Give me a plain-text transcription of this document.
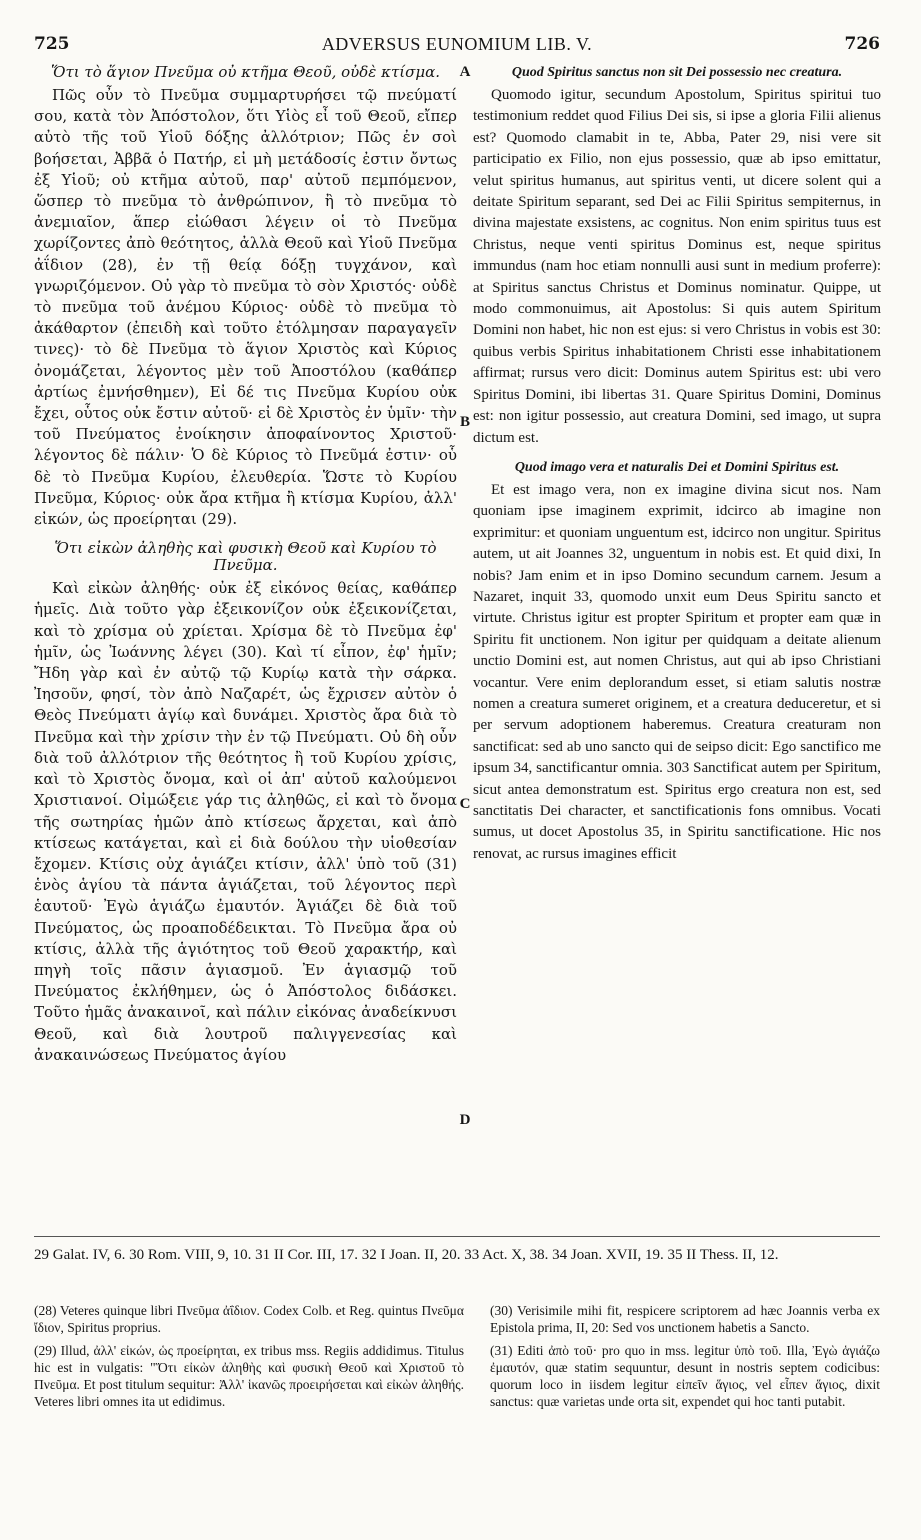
725	ADVERSUS EUNOMIUM LIB. V.	726
Ὅτι τὸ ἅγιον Πνεῦμα οὐ κτῆμα Θεοῦ, οὐδὲ κτίσμα.

Πῶς οὖν τὸ Πνεῦμα συμμαρτυρήσει τῷ πνεύματί σου, κατὰ τὸν Ἀπόστολον, ὅτι Υἱὸς εἶ τοῦ Θεοῦ, εἴπερ αὐτὸ τῆς τοῦ Υἱοῦ δόξης ἀλλότριον; Πῶς ἐν σοὶ βοήσεται, Ἀββᾶ ὁ Πατήρ, εἰ μὴ μετάδοσίς ἐστιν ὄντως ἐξ Υἱοῦ; οὐ κτῆμα αὐτοῦ, παρ' αὐτοῦ πεμπόμενον, ὥσπερ τὸ πνεῦμα τὸ ἀνθρώπινον, ἢ τὸ πνεῦμα τὸ ἀνεμιαῖον, ἅπερ εἰώθασι λέγειν οἱ τὸ Πνεῦμα χωρίζοντες ἀπὸ θεότητος, ἀλλὰ Θεοῦ καὶ Υἱοῦ Πνεῦμα ἀΐδιον (28), ἐν τῇ θείᾳ δόξῃ τυγχάνον, καὶ γνωριζόμενον. Οὐ γὰρ τὸ πνεῦμα τὸ σὸν Χριστός· οὐδὲ τὸ πνεῦμα τοῦ ἀνέμου Κύριος· οὐδὲ τὸ πνεῦμα τὸ ἀκάθαρτον (ἐπειδὴ καὶ τοῦτο ἐτόλμησαν παραγαγεῖν τινες)· τὸ δὲ Πνεῦμα τὸ ἅγιον Χριστὸς καὶ Κύριος ὀνομάζεται, λέγοντος μὲν τοῦ Ἀποστόλου (καθάπερ ἀρτίως ἐμνήσθημεν), Εἰ δέ τις Πνεῦμα Κυρίου οὐκ ἔχει, οὗτος οὐκ ἔστιν αὐτοῦ· εἰ δὲ Χριστὸς ἐν ὑμῖν· τὴν τοῦ Πνεύματος ἐνοίκησιν ἀποφαίνοντος Χριστοῦ· λέγοντος δὲ πάλιν· Ὁ δὲ Κύριος τὸ Πνεῦμά ἐστιν· οὗ δὲ τὸ Πνεῦμα Κυρίου, ἐλευθερία. Ὥστε τὸ Κυρίου Πνεῦμα, Κύριος· οὐκ ἄρα κτῆμα ἢ κτίσμα Κυρίου, ἀλλ' εἰκών, ὡς προείρηται (29).

Ὅτι εἰκὼν ἀληθὴς καὶ φυσικὴ Θεοῦ καὶ Κυρίου τὸ Πνεῦμα.

Καὶ εἰκὼν ἀληθής· οὐκ ἐξ εἰκόνος θείας, καθάπερ ἡμεῖς. Διὰ τοῦτο γὰρ ἐξεικονίζον οὐκ ἐξεικονίζεται, καὶ τὸ χρίσμα οὐ χρίεται. Χρίσμα δὲ τὸ Πνεῦμα ἐφ' ἡμῖν, ὡς Ἰωάννης λέγει (30). Καὶ τί εἶπον, ἐφ' ἡμῖν; Ἤδη γὰρ καὶ ἐν αὐτῷ τῷ Κυρίῳ κατὰ τὴν σάρκα. Ἰησοῦν, φησί, τὸν ἀπὸ Ναζαρέτ, ὡς ἔχρισεν αὐτὸν ὁ Θεὸς Πνεύματι ἁγίῳ καὶ δυνάμει. Χριστὸς ἄρα διὰ τὸ Πνεῦμα καὶ τὴν χρίσιν τὴν ἐν τῷ Πνεύματι. Οὐ δὴ οὖν διὰ τοῦ ἀλλότριον τῆς θεότητος ἢ τοῦ Κυρίου χρίσις, καὶ τὸ Χριστὸς ὄνομα, καὶ οἱ ἀπ' αὐτοῦ καλούμενοι Χριστιανοί. Οἰμώξειε γάρ τις ἀληθῶς, εἰ καὶ τὸ ὄνομα τῆς σωτηρίας ἡμῶν ἀπὸ κτίσεως ἄρχεται, καὶ ἀπὸ κτίσεως κατάγεται, καὶ εἰ διὰ δούλου τὴν υἱοθεσίαν ἔχομεν. Κτίσις οὐχ ἁγιάζει κτίσιν, ἀλλ' ὑπὸ τοῦ (31) ἑνὸς ἁγίου τὰ πάντα ἁγιάζεται, τοῦ λέγοντος περὶ ἑαυτοῦ· Ἐγὼ ἁγιάζω ἐμαυτόν. Ἁγιάζει δὲ διὰ τοῦ Πνεύματος, ὡς προαποδέδεικται. Τὸ Πνεῦμα ἄρα οὐ κτίσις, ἀλλὰ τῆς ἁγιότητος τοῦ Θεοῦ χαρακτήρ, καὶ πηγὴ τοῖς πᾶσιν ἁγιασμοῦ. Ἐν ἁγιασμῷ τοῦ Πνεύματος ἐκλήθημεν, ὡς ὁ Ἀπόστολος διδάσκει. Τοῦτο ἡμᾶς ἀνακαινοῖ, καὶ πάλιν εἰκόνας ἀναδείκνυσι Θεοῦ, καὶ διὰ λουτροῦ παλιγγενεσίας καὶ ἀνακαινώσεως Πνεύματος ἁγίου

A
B
C
D
Quod Spiritus sanctus non sit Dei possessio nec creatura.

Quomodo igitur, secundum Apostolum, Spiritus spiritui tuo testimonium reddet quod Filius Dei sis, si ipse a gloria Filii alienus est? Quomodo clamabit in te, Abba, Pater 29, nisi vere sit participatio ex Filio, non ejus possessio, quæ ab ipso emittatur, velut spiritus humanus, aut spiritus venti, ut dicere solent qui a deitate Spiritum separant, sed Dei ac Filii Spiritus sempiternus, in divina majestate exsistens, ac cognitus. Non enim spiritus tuus est Christus, neque venti spiritus Dominus est, neque spiritus immundus (nam hoc etiam nonnulli ausi sunt in medium proferre): at Spiritus sanctus Christus et Dominus nominatur. Quippe, ut modo commonuimus, ait Apostolus: Si quis autem Spiritum Domini non habet, hic non est ejus: si vero Christus in vobis est 30: quibus verbis Spiritus inhabitationem Christi esse inhabitationem affirmat; rursus vero dicit: Dominus autem Spiritus est: ubi vero Spiritus Domini, ibi libertas 31. Quare Spiritus Domini, Dominus est: non igitur possessio, aut creatura Domini, sed imago, ut supra dictum est.

Quod imago vera et naturalis Dei et Domini Spiritus est.

Et est imago vera, non ex imagine divina sicut nos. Nam quoniam ipse imaginem exprimit, idcirco ab imagine non exprimitur: et quoniam unguentum est, idcirco non ungitur. Spiritus autem, ut ait Joannes 32, unguentum in nobis est. Et quid dixi, In nobis? Jam enim et in ipso Domino secundum carnem. Jesum a Nazaret, inquit 33, quomodo unxit eum Deus Spiritu sancto et virtute. Christus igitur est propter Spiritum et propter eam quæ in Spiritu fit unctionem. Non igitur per quidquam a deitate alienum unctio Domini est, aut nomen Christus, aut qui ab ipso Christiani vocantur. Vere enim deplorandum esset, si etiam salutis nostræ nomen a creatura sumeret originem, et a creatura deduceretur, et si per servum adoptionem haberemus. Creatura creaturam non sanctificat: sed ab uno sancto qui de seipso dicit: Ego sanctifico me ipsum 34, sanctificantur omnia. 303 Sanctificat autem per Spiritum, sicut antea demonstratum est. Spiritus ergo creatura non est, sed sanctitatis Dei character, et sanctificationis fons omnibus. Vocati sumus, ut docet Apostolus 35, in Spiritu sanctificatione. Hic nos renovat, ac rursus imagines efficit

29 Galat. IV, 6. 30 Rom. VIII, 9, 10. 31 II Cor. III, 17. 32 I Joan. II, 20. 33 Act. X, 38. 34 Joan. XVII, 19. 35 II Thess. II, 12.

(28) Veteres quinque libri Πνεῦμα ἀΐδιον. Codex Colb. et Reg. quintus Πνεῦμα ἴδιον, Spiritus proprius.

(29) Illud, ἀλλ' εἰκών, ὡς προείρηται, ex tribus mss. Regiis addidimus. Titulus hic est in vulgatis: "Ὅτι εἰκὼν ἀληθὴς καὶ φυσικὴ Θεοῦ καὶ Χριστοῦ τὸ Πνεῦμα. Et post titulum sequitur: Ἀλλ' ἱκανῶς προειρήσεται καὶ εἰκὼν ἀληθής. Veteres libri omnes ita ut edidimus.

(30) Verisimile mihi fit, respicere scriptorem ad hæc Joannis verba ex Epistola prima, II, 20: Sed vos unctionem habetis a Sancto.

(31) Editi ἀπὸ τοῦ· pro quo in mss. legitur ὑπὸ τοῦ. Illa, Ἐγὼ ἁγιάζω ἐμαυτόν, quæ statim sequuntur, desunt in nostris septem codicibus: quorum loco in iisdem legitur εἰπεῖν ἅγιος, vel εἶπεν ἅγιος, dixit sanctus: quæ varietas unde orta sit, expendet qui hoc tanti putabit.
